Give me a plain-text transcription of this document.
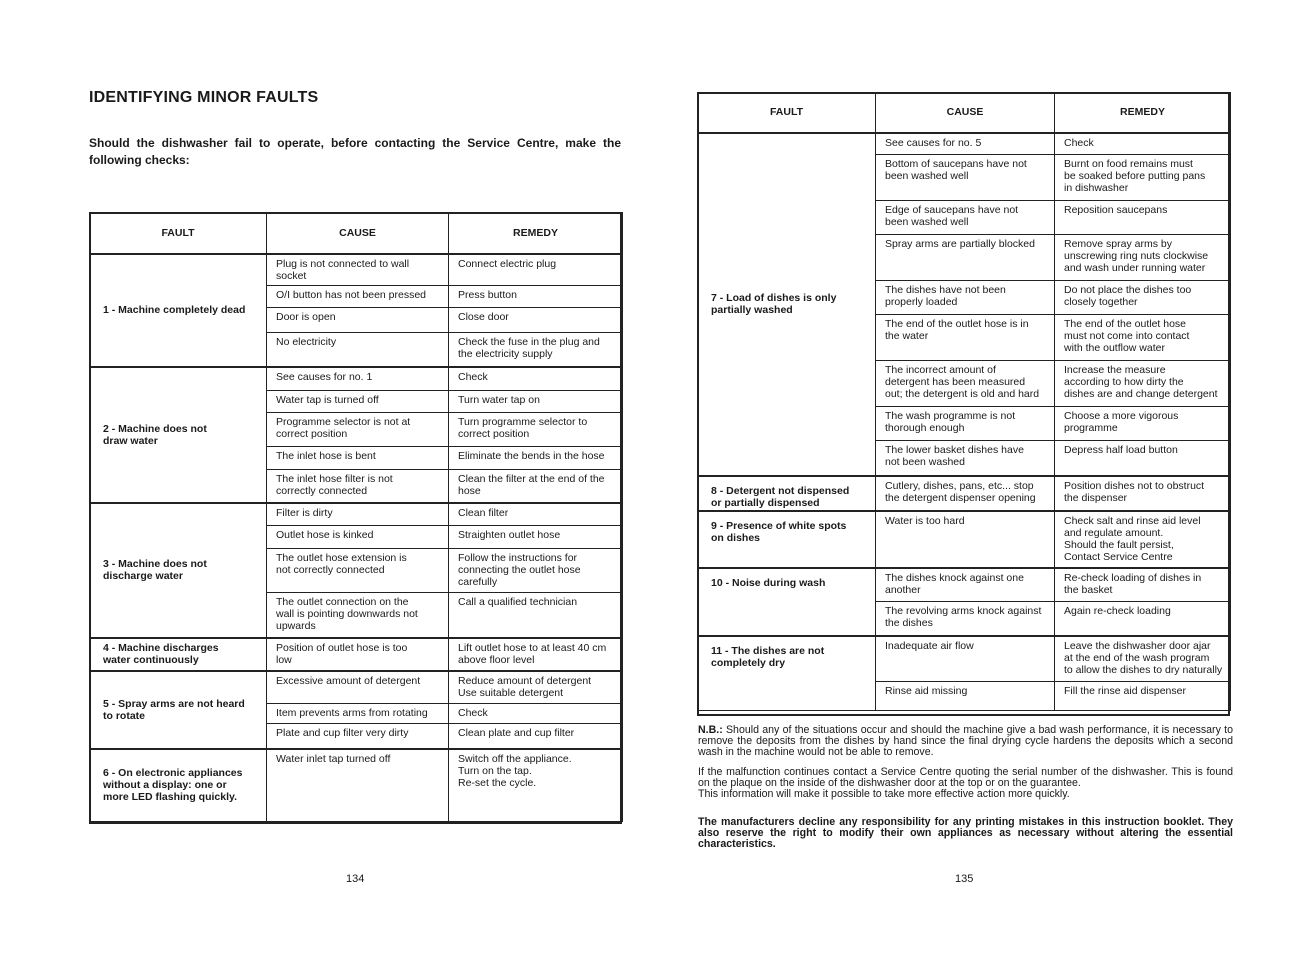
IDENTIFYING MINOR FAULTS
Should the dishwasher fail to operate, before contacting the Service Centre, make the following checks:
FAULT	CAUSE	REMEDY

1 - Machine completely dead	Plug is not connected to wall
socket	Connect electric plug

	O/I button has not been pressed	Press button

	Door is open	Close door

	No electricity	Check the fuse in the plug and
the electricity supply

2 - Machine does not
draw water	See causes for no. 1	Check

	Water tap is turned off	Turn water tap on

	Programme selector is not at
correct position	Turn programme selector to
correct position

	The inlet hose is bent	Eliminate the bends in the hose

	The inlet hose filter is not
correctly connected	Clean the filter at the end of the
hose

3 - Machine does not
discharge water	Filter is dirty	Clean filter

	Outlet hose is kinked	Straighten outlet hose

	The outlet hose extension is
not correctly connected	Follow the instructions for
connecting the outlet hose
carefully

	The outlet connection on the
wall is pointing downwards not
upwards	Call a qualified technician

4 - Machine discharges
water continuously	Position of outlet hose is too
low	Lift outlet hose to at least 40 cm
above floor level

5 - Spray arms are not heard
to rotate	Excessive amount of detergent	Reduce amount of detergent
Use suitable detergent

	Item prevents arms from rotating	Check

	Plate and cup filter very dirty	Clean plate and cup filter

6 - On electronic appliances
without a display: one or
more LED flashing quickly.	Water inlet tap turned off	Switch off the appliance.
Turn on the tap.
Re-set the cycle.
FAULT	CAUSE	REMEDY

7 - Load of dishes is only
partially washed	See causes for no. 5	Check

	Bottom of saucepans have not
been washed well	Burnt on food remains must
be soaked before putting pans
in dishwasher

	Edge of saucepans have not
been washed well	Reposition saucepans

	Spray arms are partially blocked	Remove spray arms by
unscrewing ring nuts clockwise
and wash under running water

	The dishes have not been
properly loaded	Do not place the dishes too
closely together

	The end of the outlet hose is in
the water	The end of the outlet hose
must not come into contact
with the outflow water

	The incorrect amount of
detergent has been measured
out; the detergent is old and hard	Increase the measure
according to how dirty the
dishes are and change detergent

	The wash programme is not
thorough enough	Choose a more vigorous
programme

	The lower basket dishes have
not been washed	Depress half load button

8 - Detergent not dispensed
or partially dispensed	Cutlery, dishes, pans, etc... stop
the detergent dispenser opening	Position dishes not to obstruct
the dispenser

9 - Presence of white spots
on dishes	Water is too hard	Check salt and rinse aid level
and regulate amount.
Should the fault persist,
Contact Service Centre

10 - Noise during wash	The dishes knock against one
another	Re-check loading of dishes in
the basket

	The revolving arms knock against
the dishes	Again re-check loading

11 - The dishes are not
completely dry	Inadequate air flow	Leave the dishwasher door ajar
at the end of the wash program
to allow the dishes to dry naturally

	Rinse aid missing	Fill the rinse aid dispenser

N.B.: Should any of the situations occur and should the machine give a bad wash performance, it is necessary to remove the deposits from the dishes by hand since the final drying cycle hardens the deposits which a second wash in the machine would not be able to remove.

If the malfunction continues contact a Service Centre quoting the serial number of the dishwasher. This is found on the plaque on the inside of the dishwasher door at the top or on the guarantee.
This information will make it possible to take more effective action more quickly.

The manufacturers decline any responsibility for any printing mistakes in this instruction booklet. They also reserve the right to modify their own appliances as necessary without altering the essential characteristics.

134	135
